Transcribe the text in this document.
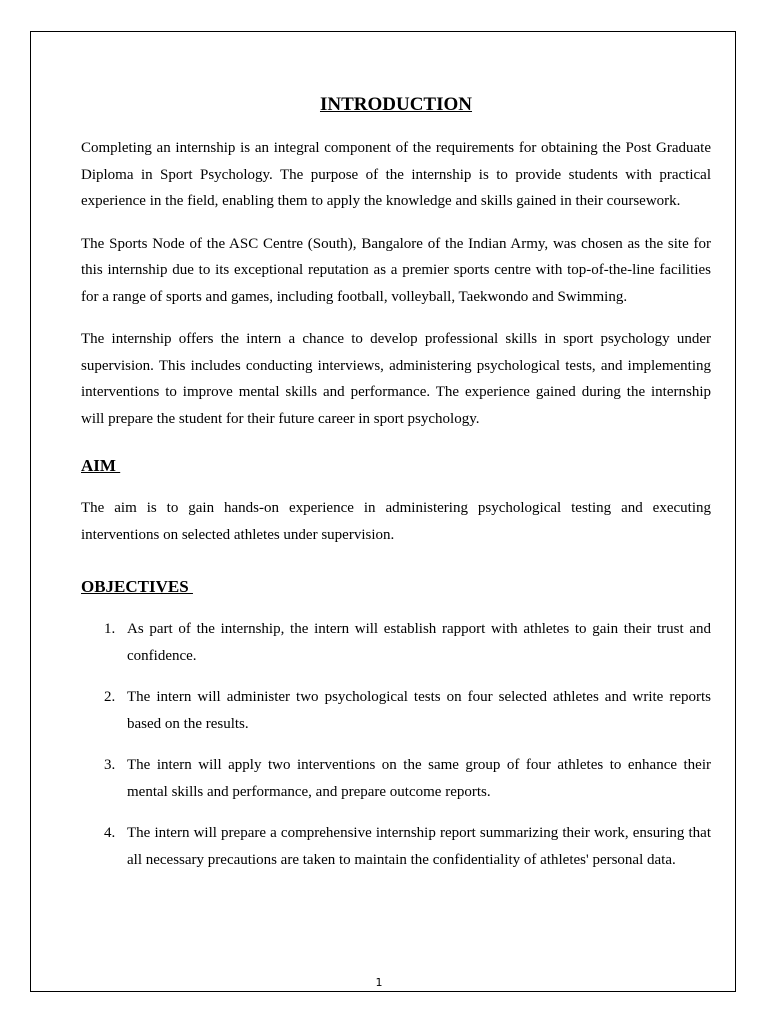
INTRODUCTION

Completing an internship is an integral component of the requirements for obtaining the Post Graduate Diploma in Sport Psychology. The purpose of the internship is to provide students with practical experience in the field, enabling them to apply the knowledge and skills gained in their coursework.

The Sports Node of the ASC Centre (South), Bangalore of the Indian Army, was chosen as the site for this internship due to its exceptional reputation as a premier sports centre with top-of-the-line facilities for a range of sports and games, including football, volleyball, Taekwondo and Swimming.

The internship offers the intern a chance to develop professional skills in sport psychology under supervision. This includes conducting interviews, administering psychological tests, and implementing interventions to improve mental skills and performance. The experience gained during the internship will prepare the student for their future career in sport psychology.

AIM

The aim is to gain hands-on experience in administering psychological testing and executing interventions on selected athletes under supervision.

OBJECTIVES
1. As part of the internship, the intern will establish rapport with athletes to gain their trust and confidence.
2. The intern will administer two psychological tests on four selected athletes and write reports based on the results.
3. The intern will apply two interventions on the same group of four athletes to enhance their mental skills and performance, and prepare outcome reports.
4. The intern will prepare a comprehensive internship report summarizing their work, ensuring that all necessary precautions are taken to maintain the confidentiality of athletes' personal data.
1
